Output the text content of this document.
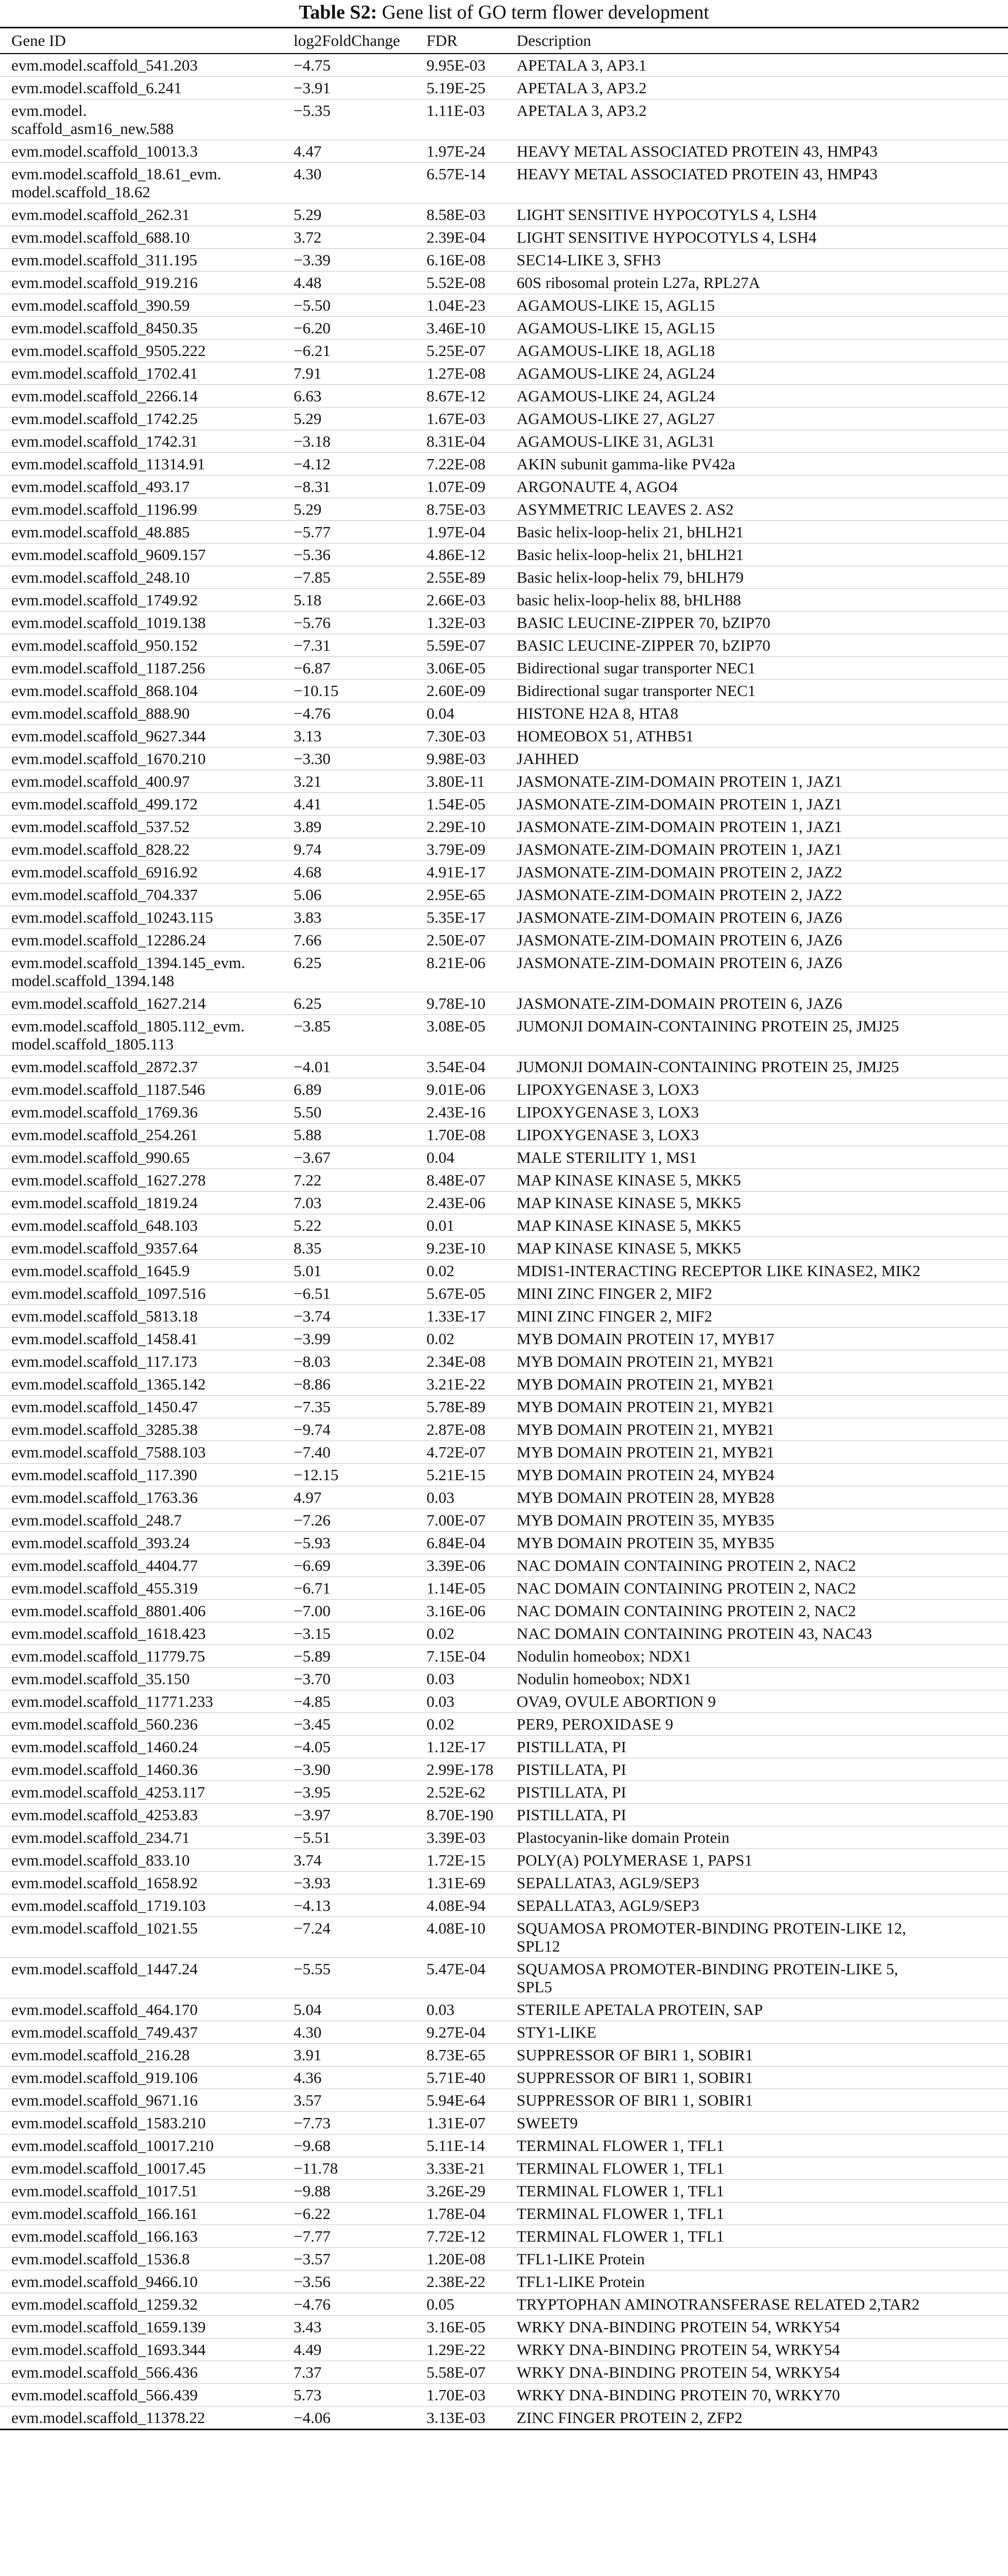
Table S2: Gene list of GO term flower development

Gene ID	log2FoldChange	FDR	Description
evm.model.scaffold_541.203	−4.75	9.95E-03	APETALA 3, AP3.1
evm.model.scaffold_6.241	−3.91	5.19E-25	APETALA 3, AP3.2
evm.model.
scaffold_asm16_new.588	−5.35	1.11E-03	APETALA 3, AP3.2
evm.model.scaffold_10013.3	4.47	1.97E-24	HEAVY METAL ASSOCIATED PROTEIN 43, HMP43
evm.model.scaffold_18.61_evm.
model.scaffold_18.62	4.30	6.57E-14	HEAVY METAL ASSOCIATED PROTEIN 43, HMP43
evm.model.scaffold_262.31	5.29	8.58E-03	LIGHT SENSITIVE HYPOCOTYLS 4, LSH4
evm.model.scaffold_688.10	3.72	2.39E-04	LIGHT SENSITIVE HYPOCOTYLS 4, LSH4
evm.model.scaffold_311.195	−3.39	6.16E-08	SEC14-LIKE 3, SFH3
evm.model.scaffold_919.216	4.48	5.52E-08	60S ribosomal protein L27a, RPL27A
evm.model.scaffold_390.59	−5.50	1.04E-23	AGAMOUS-LIKE 15, AGL15
evm.model.scaffold_8450.35	−6.20	3.46E-10	AGAMOUS-LIKE 15, AGL15
evm.model.scaffold_9505.222	−6.21	5.25E-07	AGAMOUS-LIKE 18, AGL18
evm.model.scaffold_1702.41	7.91	1.27E-08	AGAMOUS-LIKE 24, AGL24
evm.model.scaffold_2266.14	6.63	8.67E-12	AGAMOUS-LIKE 24, AGL24
evm.model.scaffold_1742.25	5.29	1.67E-03	AGAMOUS-LIKE 27, AGL27
evm.model.scaffold_1742.31	−3.18	8.31E-04	AGAMOUS-LIKE 31, AGL31
evm.model.scaffold_11314.91	−4.12	7.22E-08	AKIN subunit gamma-like PV42a
evm.model.scaffold_493.17	−8.31	1.07E-09	ARGONAUTE 4, AGO4
evm.model.scaffold_1196.99	5.29	8.75E-03	ASYMMETRIC LEAVES 2. AS2
evm.model.scaffold_48.885	−5.77	1.97E-04	Basic helix-loop-helix 21, bHLH21
evm.model.scaffold_9609.157	−5.36	4.86E-12	Basic helix-loop-helix 21, bHLH21
evm.model.scaffold_248.10	−7.85	2.55E-89	Basic helix-loop-helix 79, bHLH79
evm.model.scaffold_1749.92	5.18	2.66E-03	basic helix-loop-helix 88, bHLH88
evm.model.scaffold_1019.138	−5.76	1.32E-03	BASIC LEUCINE-ZIPPER 70, bZIP70
evm.model.scaffold_950.152	−7.31	5.59E-07	BASIC LEUCINE-ZIPPER 70, bZIP70
evm.model.scaffold_1187.256	−6.87	3.06E-05	Bidirectional sugar transporter NEC1
evm.model.scaffold_868.104	−10.15	2.60E-09	Bidirectional sugar transporter NEC1
evm.model.scaffold_888.90	−4.76	0.04	HISTONE H2A 8, HTA8
evm.model.scaffold_9627.344	3.13	7.30E-03	HOMEOBOX 51, ATHB51
evm.model.scaffold_1670.210	−3.30	9.98E-03	JAHHED
evm.model.scaffold_400.97	3.21	3.80E-11	JASMONATE-ZIM-DOMAIN PROTEIN 1, JAZ1
evm.model.scaffold_499.172	4.41	1.54E-05	JASMONATE-ZIM-DOMAIN PROTEIN 1, JAZ1
evm.model.scaffold_537.52	3.89	2.29E-10	JASMONATE-ZIM-DOMAIN PROTEIN 1, JAZ1
evm.model.scaffold_828.22	9.74	3.79E-09	JASMONATE-ZIM-DOMAIN PROTEIN 1, JAZ1
evm.model.scaffold_6916.92	4.68	4.91E-17	JASMONATE-ZIM-DOMAIN PROTEIN 2, JAZ2
evm.model.scaffold_704.337	5.06	2.95E-65	JASMONATE-ZIM-DOMAIN PROTEIN 2, JAZ2
evm.model.scaffold_10243.115	3.83	5.35E-17	JASMONATE-ZIM-DOMAIN PROTEIN 6, JAZ6
evm.model.scaffold_12286.24	7.66	2.50E-07	JASMONATE-ZIM-DOMAIN PROTEIN 6, JAZ6
evm.model.scaffold_1394.145_evm.
model.scaffold_1394.148	6.25	8.21E-06	JASMONATE-ZIM-DOMAIN PROTEIN 6, JAZ6
evm.model.scaffold_1627.214	6.25	9.78E-10	JASMONATE-ZIM-DOMAIN PROTEIN 6, JAZ6
evm.model.scaffold_1805.112_evm.
model.scaffold_1805.113	−3.85	3.08E-05	JUMONJI DOMAIN-CONTAINING PROTEIN 25, JMJ25
evm.model.scaffold_2872.37	−4.01	3.54E-04	JUMONJI DOMAIN-CONTAINING PROTEIN 25, JMJ25
evm.model.scaffold_1187.546	6.89	9.01E-06	LIPOXYGENASE 3, LOX3
evm.model.scaffold_1769.36	5.50	2.43E-16	LIPOXYGENASE 3, LOX3
evm.model.scaffold_254.261	5.88	1.70E-08	LIPOXYGENASE 3, LOX3
evm.model.scaffold_990.65	−3.67	0.04	MALE STERILITY 1, MS1
evm.model.scaffold_1627.278	7.22	8.48E-07	MAP KINASE KINASE 5, MKK5
evm.model.scaffold_1819.24	7.03	2.43E-06	MAP KINASE KINASE 5, MKK5
evm.model.scaffold_648.103	5.22	0.01	MAP KINASE KINASE 5, MKK5
evm.model.scaffold_9357.64	8.35	9.23E-10	MAP KINASE KINASE 5, MKK5
evm.model.scaffold_1645.9	5.01	0.02	MDIS1-INTERACTING RECEPTOR LIKE KINASE2, MIK2
evm.model.scaffold_1097.516	−6.51	5.67E-05	MINI ZINC FINGER 2, MIF2
evm.model.scaffold_5813.18	−3.74	1.33E-17	MINI ZINC FINGER 2, MIF2
evm.model.scaffold_1458.41	−3.99	0.02	MYB DOMAIN PROTEIN 17, MYB17
evm.model.scaffold_117.173	−8.03	2.34E-08	MYB DOMAIN PROTEIN 21, MYB21
evm.model.scaffold_1365.142	−8.86	3.21E-22	MYB DOMAIN PROTEIN 21, MYB21
evm.model.scaffold_1450.47	−7.35	5.78E-89	MYB DOMAIN PROTEIN 21, MYB21
evm.model.scaffold_3285.38	−9.74	2.87E-08	MYB DOMAIN PROTEIN 21, MYB21
evm.model.scaffold_7588.103	−7.40	4.72E-07	MYB DOMAIN PROTEIN 21, MYB21
evm.model.scaffold_117.390	−12.15	5.21E-15	MYB DOMAIN PROTEIN 24, MYB24
evm.model.scaffold_1763.36	4.97	0.03	MYB DOMAIN PROTEIN 28, MYB28
evm.model.scaffold_248.7	−7.26	7.00E-07	MYB DOMAIN PROTEIN 35, MYB35
evm.model.scaffold_393.24	−5.93	6.84E-04	MYB DOMAIN PROTEIN 35, MYB35
evm.model.scaffold_4404.77	−6.69	3.39E-06	NAC DOMAIN CONTAINING PROTEIN 2, NAC2
evm.model.scaffold_455.319	−6.71	1.14E-05	NAC DOMAIN CONTAINING PROTEIN 2, NAC2
evm.model.scaffold_8801.406	−7.00	3.16E-06	NAC DOMAIN CONTAINING PROTEIN 2, NAC2
evm.model.scaffold_1618.423	−3.15	0.02	NAC DOMAIN CONTAINING PROTEIN 43, NAC43
evm.model.scaffold_11779.75	−5.89	7.15E-04	Nodulin homeobox; NDX1
evm.model.scaffold_35.150	−3.70	0.03	Nodulin homeobox; NDX1
evm.model.scaffold_11771.233	−4.85	0.03	OVA9, OVULE ABORTION 9
evm.model.scaffold_560.236	−3.45	0.02	PER9, PEROXIDASE 9
evm.model.scaffold_1460.24	−4.05	1.12E-17	PISTILLATA, PI
evm.model.scaffold_1460.36	−3.90	2.99E-178	PISTILLATA, PI
evm.model.scaffold_4253.117	−3.95	2.52E-62	PISTILLATA, PI
evm.model.scaffold_4253.83	−3.97	8.70E-190	PISTILLATA, PI
evm.model.scaffold_234.71	−5.51	3.39E-03	Plastocyanin-like domain Protein
evm.model.scaffold_833.10	3.74	1.72E-15	POLY(A) POLYMERASE 1, PAPS1
evm.model.scaffold_1658.92	−3.93	1.31E-69	SEPALLATA3, AGL9/SEP3
evm.model.scaffold_1719.103	−4.13	4.08E-94	SEPALLATA3, AGL9/SEP3
evm.model.scaffold_1021.55	−7.24	4.08E-10	SQUAMOSA PROMOTER-BINDING PROTEIN-LIKE 12,
SPL12
evm.model.scaffold_1447.24	−5.55	5.47E-04	SQUAMOSA PROMOTER-BINDING PROTEIN-LIKE 5,
SPL5
evm.model.scaffold_464.170	5.04	0.03	STERILE APETALA PROTEIN, SAP
evm.model.scaffold_749.437	4.30	9.27E-04	STY1-LIKE
evm.model.scaffold_216.28	3.91	8.73E-65	SUPPRESSOR OF BIR1 1, SOBIR1
evm.model.scaffold_919.106	4.36	5.71E-40	SUPPRESSOR OF BIR1 1, SOBIR1
evm.model.scaffold_9671.16	3.57	5.94E-64	SUPPRESSOR OF BIR1 1, SOBIR1
evm.model.scaffold_1583.210	−7.73	1.31E-07	SWEET9
evm.model.scaffold_10017.210	−9.68	5.11E-14	TERMINAL FLOWER 1, TFL1
evm.model.scaffold_10017.45	−11.78	3.33E-21	TERMINAL FLOWER 1, TFL1
evm.model.scaffold_1017.51	−9.88	3.26E-29	TERMINAL FLOWER 1, TFL1
evm.model.scaffold_166.161	−6.22	1.78E-04	TERMINAL FLOWER 1, TFL1
evm.model.scaffold_166.163	−7.77	7.72E-12	TERMINAL FLOWER 1, TFL1
evm.model.scaffold_1536.8	−3.57	1.20E-08	TFL1-LIKE Protein
evm.model.scaffold_9466.10	−3.56	2.38E-22	TFL1-LIKE Protein
evm.model.scaffold_1259.32	−4.76	0.05	TRYPTOPHAN AMINOTRANSFERASE RELATED 2,TAR2
evm.model.scaffold_1659.139	3.43	3.16E-05	WRKY DNA-BINDING PROTEIN 54, WRKY54
evm.model.scaffold_1693.344	4.49	1.29E-22	WRKY DNA-BINDING PROTEIN 54, WRKY54
evm.model.scaffold_566.436	7.37	5.58E-07	WRKY DNA-BINDING PROTEIN 54, WRKY54
evm.model.scaffold_566.439	5.73	1.70E-03	WRKY DNA-BINDING PROTEIN 70, WRKY70
evm.model.scaffold_11378.22	−4.06	3.13E-03	ZINC FINGER PROTEIN 2, ZFP2
